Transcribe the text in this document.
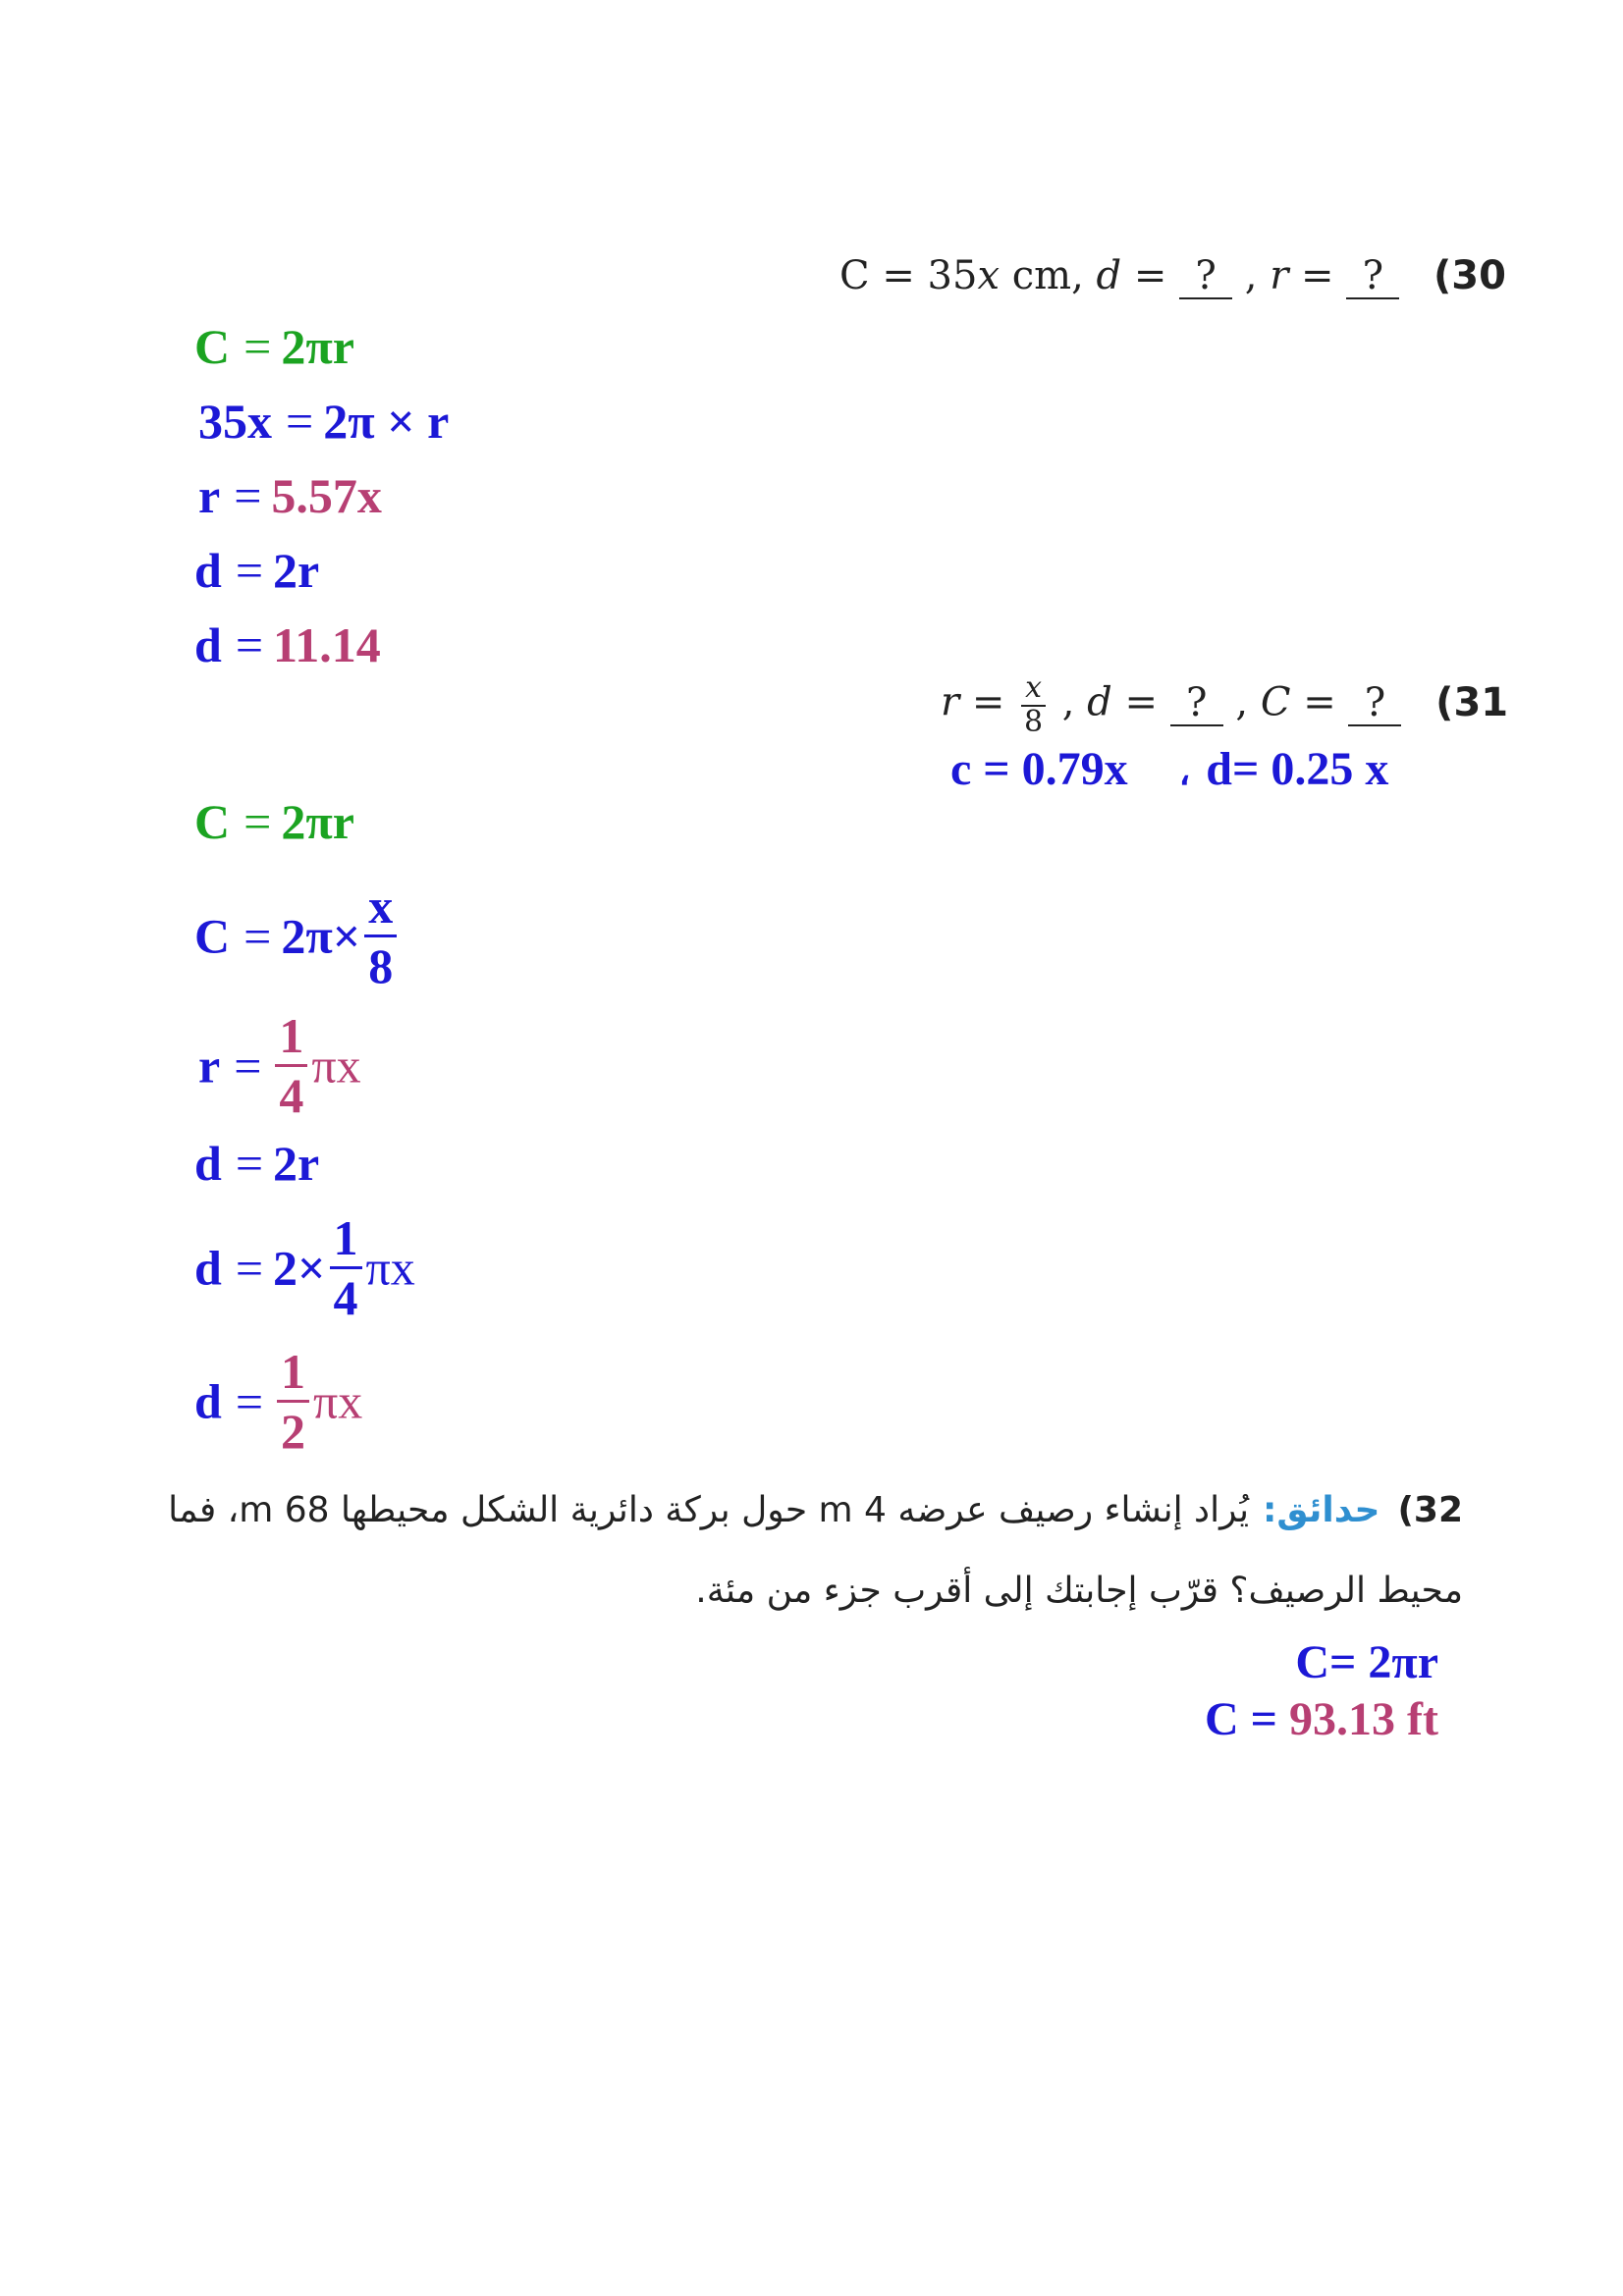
C = 35x cm, d = ? , r = ? (30
C = 2πr
35x = 2π × r
r = 5.57x
d = 2r
d = 11.14
$r = \frac{x}{8}$ , d = ? , C = ? (31
c = 0.79x ، d= 0.25 x
C = 2πr
$C = 2\pi\times \frac{x}{8}$
$r = \frac{1}{4}$ πx
d = 2r
$d = 2\times \frac{1}{4}$ πx
$d = \frac{1}{2}$ πx
32)حدائق:يُراد إنشاء رصيف عرضه 4 m حول بركة دائرية الشكل محيطها 68 m، فما
محيط الرصيف؟ قرّب إجابتك إلى أقرب جزء من مئة.
C= 2πr
C = 93.13 ft
